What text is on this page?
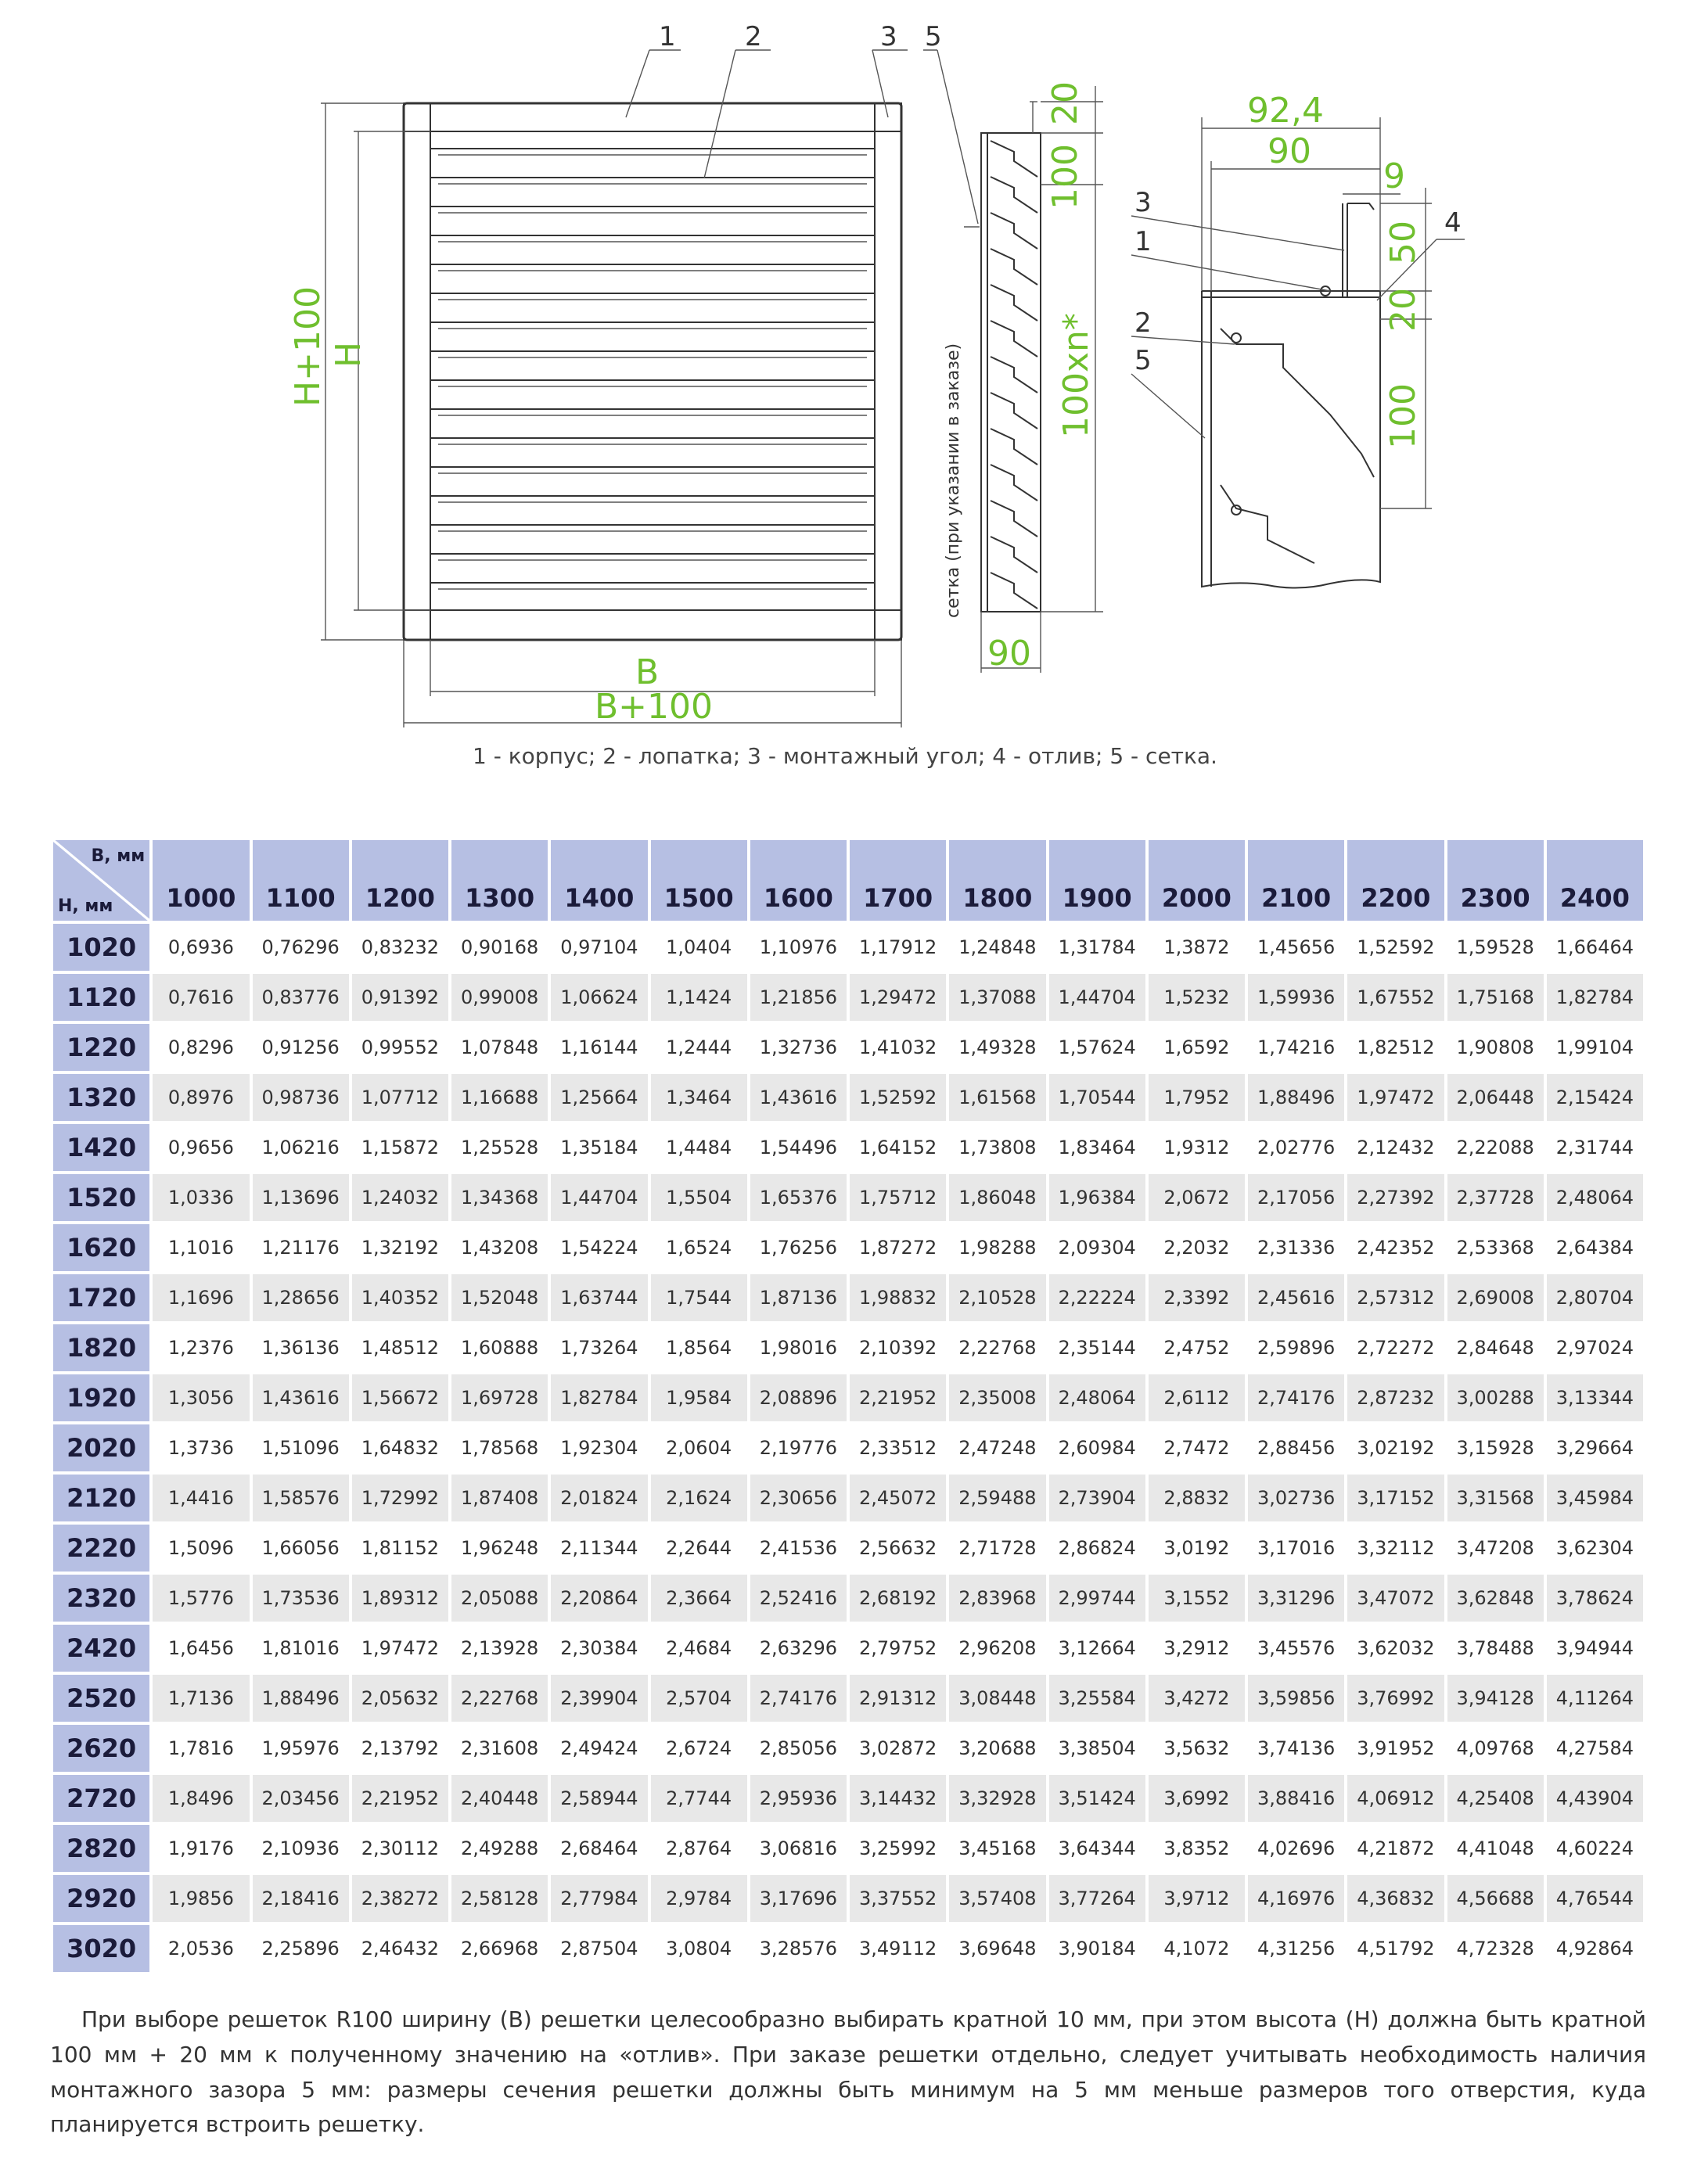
1	2	3
H+100 H
B
B+100
20
100
100xn*
90
сетка (при указании в заказе)
5
92,4
90
9
50
20
100
3
1
2
5
4
1 - корпус; 2 - лопатка; 3 - монтажный угол; 4 - отлив; 5 - сетка.
B, мм
H, мм	1000	1100	1200	1300	1400	1500	1600	1700	1800	1900	2000	2100	2200	2300	2400
1020	0,6936	0,76296	0,83232	0,90168	0,97104	1,0404	1,10976	1,17912	1,24848	1,31784	1,3872	1,45656	1,52592	1,59528	1,66464
1120	0,7616	0,83776	0,91392	0,99008	1,06624	1,1424	1,21856	1,29472	1,37088	1,44704	1,5232	1,59936	1,67552	1,75168	1,82784
1220	0,8296	0,91256	0,99552	1,07848	1,16144	1,2444	1,32736	1,41032	1,49328	1,57624	1,6592	1,74216	1,82512	1,90808	1,99104
1320	0,8976	0,98736	1,07712	1,16688	1,25664	1,3464	1,43616	1,52592	1,61568	1,70544	1,7952	1,88496	1,97472	2,06448	2,15424
1420	0,9656	1,06216	1,15872	1,25528	1,35184	1,4484	1,54496	1,64152	1,73808	1,83464	1,9312	2,02776	2,12432	2,22088	2,31744
1520	1,0336	1,13696	1,24032	1,34368	1,44704	1,5504	1,65376	1,75712	1,86048	1,96384	2,0672	2,17056	2,27392	2,37728	2,48064
1620	1,1016	1,21176	1,32192	1,43208	1,54224	1,6524	1,76256	1,87272	1,98288	2,09304	2,2032	2,31336	2,42352	2,53368	2,64384
1720	1,1696	1,28656	1,40352	1,52048	1,63744	1,7544	1,87136	1,98832	2,10528	2,22224	2,3392	2,45616	2,57312	2,69008	2,80704
1820	1,2376	1,36136	1,48512	1,60888	1,73264	1,8564	1,98016	2,10392	2,22768	2,35144	2,4752	2,59896	2,72272	2,84648	2,97024
1920	1,3056	1,43616	1,56672	1,69728	1,82784	1,9584	2,08896	2,21952	2,35008	2,48064	2,6112	2,74176	2,87232	3,00288	3,13344
2020	1,3736	1,51096	1,64832	1,78568	1,92304	2,0604	2,19776	2,33512	2,47248	2,60984	2,7472	2,88456	3,02192	3,15928	3,29664
2120	1,4416	1,58576	1,72992	1,87408	2,01824	2,1624	2,30656	2,45072	2,59488	2,73904	2,8832	3,02736	3,17152	3,31568	3,45984
2220	1,5096	1,66056	1,81152	1,96248	2,11344	2,2644	2,41536	2,56632	2,71728	2,86824	3,0192	3,17016	3,32112	3,47208	3,62304
2320	1,5776	1,73536	1,89312	2,05088	2,20864	2,3664	2,52416	2,68192	2,83968	2,99744	3,1552	3,31296	3,47072	3,62848	3,78624
2420	1,6456	1,81016	1,97472	2,13928	2,30384	2,4684	2,63296	2,79752	2,96208	3,12664	3,2912	3,45576	3,62032	3,78488	3,94944
2520	1,7136	1,88496	2,05632	2,22768	2,39904	2,5704	2,74176	2,91312	3,08448	3,25584	3,4272	3,59856	3,76992	3,94128	4,11264
2620	1,7816	1,95976	2,13792	2,31608	2,49424	2,6724	2,85056	3,02872	3,20688	3,38504	3,5632	3,74136	3,91952	4,09768	4,27584
2720	1,8496	2,03456	2,21952	2,40448	2,58944	2,7744	2,95936	3,14432	3,32928	3,51424	3,6992	3,88416	4,06912	4,25408	4,43904
2820	1,9176	2,10936	2,30112	2,49288	2,68464	2,8764	3,06816	3,25992	3,45168	3,64344	3,8352	4,02696	4,21872	4,41048	4,60224
2920	1,9856	2,18416	2,38272	2,58128	2,77984	2,9784	3,17696	3,37552	3,57408	3,77264	3,9712	4,16976	4,36832	4,56688	4,76544
3020	2,0536	2,25896	2,46432	2,66968	2,87504	3,0804	3,28576	3,49112	3,69648	3,90184	4,1072	4,31256	4,51792	4,72328	4,92864
При выборе решеток R100 ширину (В) решетки целесообразно выбирать кратной 10 мм, при этом высота (Н) должна быть кратной 100 мм + 20 мм к полученному значению на «отлив». При заказе решетки отдельно, следует учитывать необходимость наличия монтажного зазора 5 мм: размеры сечения решетки должны быть минимум на 5 мм меньше размеров того отверстия, куда планируется встроить решетку.
